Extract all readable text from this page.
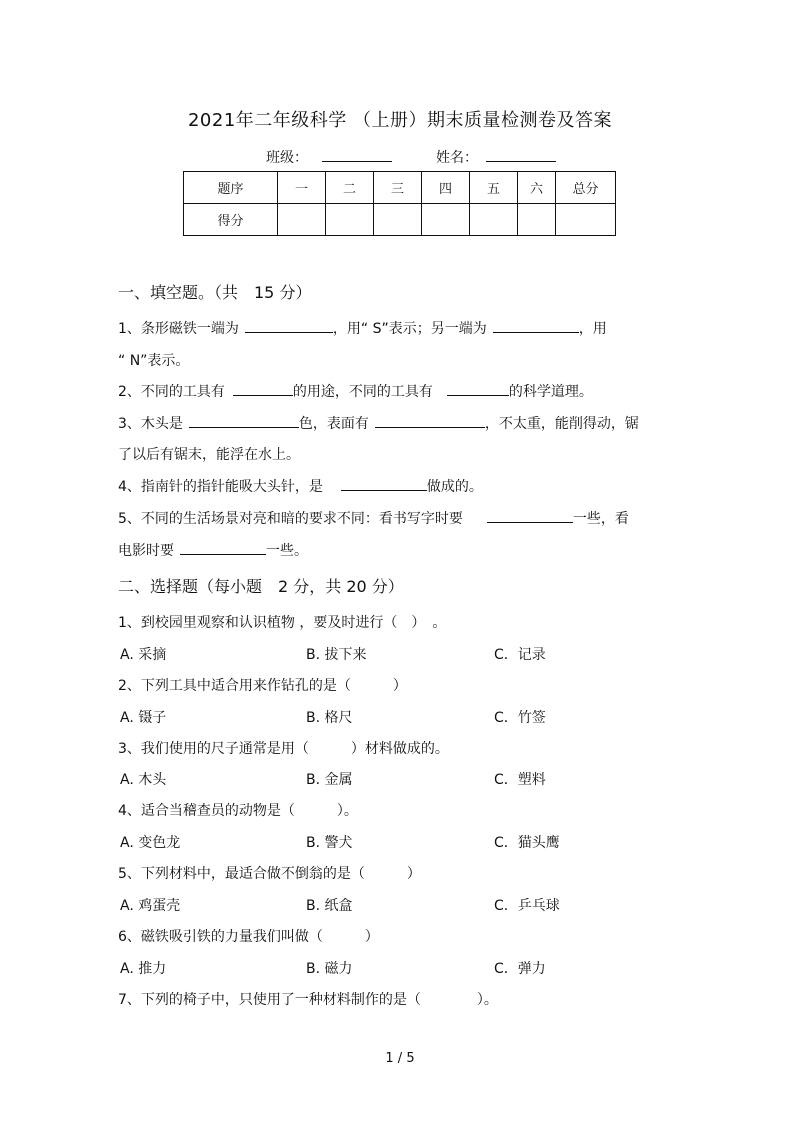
2021年二年级科学 （上册）期末质量检测卷及答案
班级：	姓名：
题序	一	二	三	四	五	六	总分
得分							
一、填空题。（共　15 分）
1、条形磁铁一端为	，用“ S”表示；另一端为	，用
“ N”表示。
2、不同的工具有	的用途，不同的工具有	的科学道理。
3、木头是	色，表面有	，不太重，能削得动，锯
了以后有锯末，能浮在水上。
4、指南针的指针能吸大头针，是	做成的。
5、不同的生活场景对亮和暗的要求不同：看书写字时要	一些，看
电影时要	一些。
二、选择题（每小题　2 分，共 20 分）
1、到校园里观察和认识植物 ，要及时进行（　）　。
A. 采摘	B. 拔下来	C．记录
2、下列工具中适合用来作钻孔的是（　　　）
A. 镊子	B. 格尺	C．竹签
3、我们使用的尺子通常是用（　　　）材料做成的。
A. 木头	B. 金属	C．塑料
4、适合当稽查员的动物是（　　　）。
A. 变色龙	B. 警犬	C．猫头鹰
5、下列材料中，最适合做不倒翁的是（　　　）
A. 鸡蛋壳	B. 纸盒	C．乒乓球
6、磁铁吸引铁的力量我们叫做（　　　）
A. 推力	B. 磁力	C．弹力
7、下列的椅子中，只使用了一种材料制作的是（　　　　）。
1 / 5
